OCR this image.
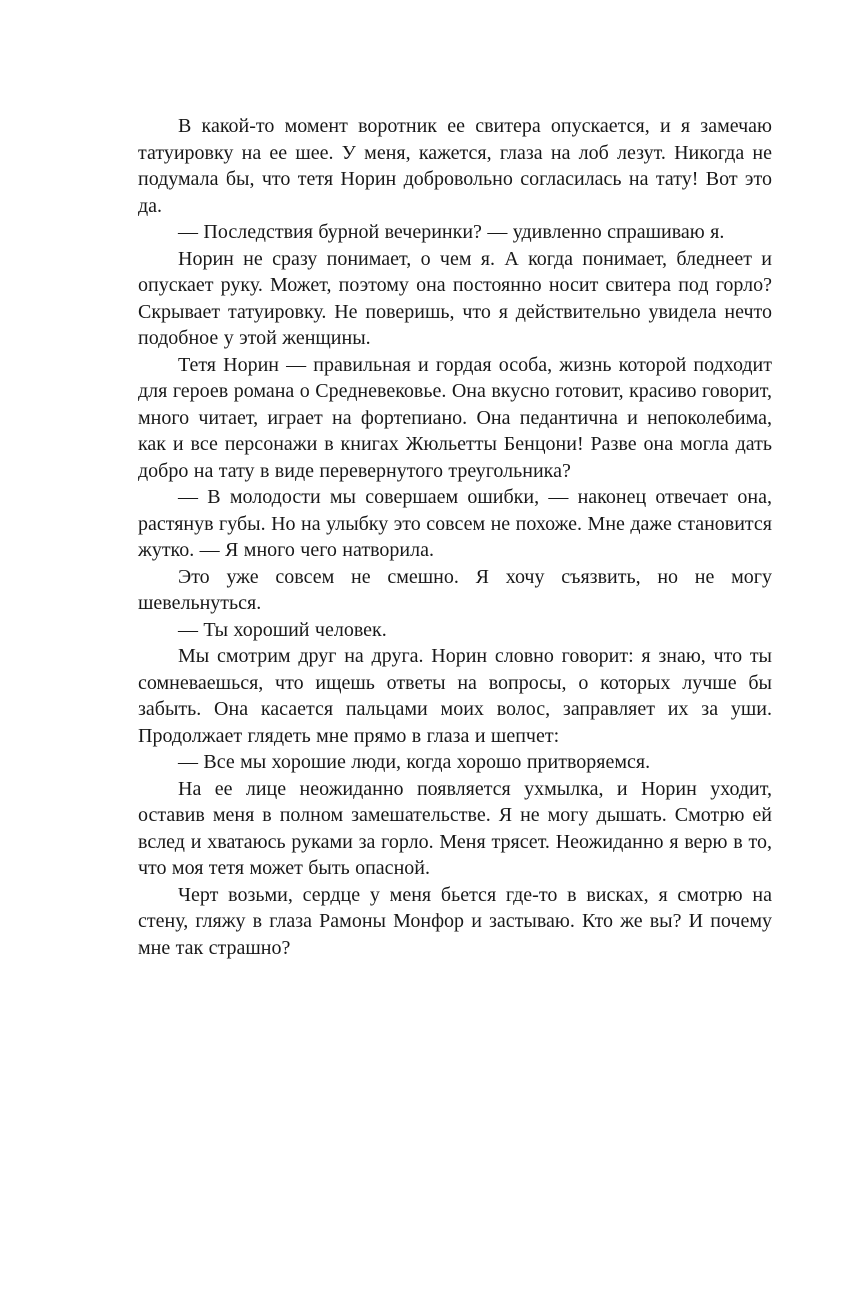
В какой-то момент воротник ее свитера опускается, и я замечаю татуировку на ее шее. У меня, кажется, глаза на лоб лезут. Никогда не подумала бы, что тетя Норин добровольно согласилась на тату! Вот это да.

— Последствия бурной вечеринки? — удивленно спрашиваю я.

Норин не сразу понимает, о чем я. А когда понимает, бледнеет и опускает руку. Может, поэтому она постоянно носит свитера под горло? Скрывает татуировку. Не поверишь, что я действительно увидела нечто подобное у этой женщины.

Тетя Норин — правильная и гордая особа, жизнь которой подходит для героев романа о Средневековье. Она вкусно готовит, красиво говорит, много читает, играет на фортепиано. Она педантична и непоколебима, как и все персонажи в книгах Жюльетты Бенцони! Разве она могла дать добро на тату в виде перевернутого треугольника?

— В молодости мы совершаем ошибки, — наконец отвечает она, растянув губы. Но на улыбку это совсем не похоже. Мне даже становится жутко. — Я много чего натворила.

Это уже совсем не смешно. Я хочу съязвить, но не могу шевельнуться.

— Ты хороший человек.

Мы смотрим друг на друга. Норин словно говорит: я знаю, что ты сомневаешься, что ищешь ответы на вопросы, о которых лучше бы забыть. Она касается пальцами моих волос, заправляет их за уши. Продолжает глядеть мне прямо в глаза и шепчет:

— Все мы хорошие люди, когда хорошо притворяемся.

На ее лице неожиданно появляется ухмылка, и Норин уходит, оставив меня в полном замешательстве. Я не могу дышать. Смотрю ей вслед и хватаюсь руками за горло. Меня трясет. Неожиданно я верю в то, что моя тетя может быть опасной.

Черт возьми, сердце у меня бьется где-то в висках, я смотрю на стену, гляжу в глаза Рамоны Монфор и застываю. Кто же вы? И почему мне так страшно?
